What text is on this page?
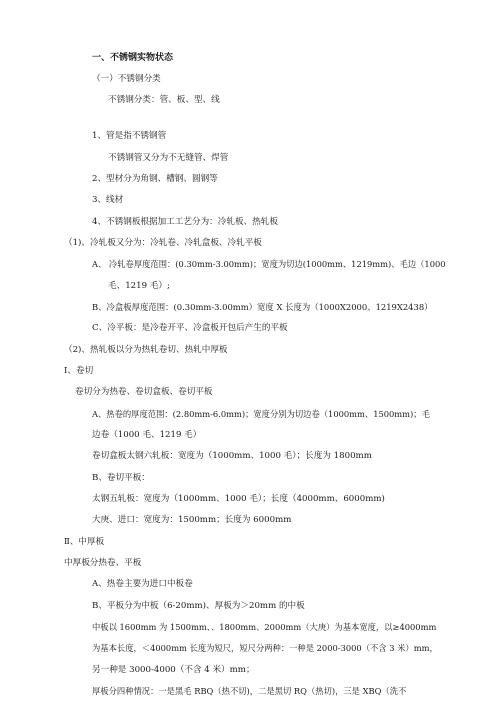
一、不锈钢实物状态
（一）不锈钢分类
不锈钢分类：管、板、型、线
1、管是指不锈钢管
不锈钢管又分为不无缝管、焊管
2、型材分为角钢、槽钢、圆钢等
3、线材
4、不锈钢板根据加工工艺分为：冷轧板、热轧板
（1)、冷轧板又分为：冷轧卷、冷轧盒板、冷轧平板
A、 冷轧卷厚度范围：(0.30mm-3.00mm)；宽度为切边(1000mm、1219mm)、毛边（1000
毛、1219 毛）;
B、冷盒板厚度范围：(0.30mm-3.00mm）宽度 X 长度为（1000X2000、1219X2438）
C、冷平板：是冷卷开平、冷盒板开包后产生的平板
（2)、热轧板以分为热轧卷切、热轧中厚板
Ⅰ、卷切
卷切分为热卷、卷切盒板、卷切平板
A、热卷的厚度范围：(2.80mm-6.0mm)；宽度分别为切边卷（1000mm、1500mm)；毛
边卷（1000 毛、1219 毛）
卷切盒板太钢六轧板：宽度为（1000mm、1000 毛）；长度为 1800mm
B、卷切平板：
太钢五轧板：宽度为（1000mm、1000 毛）；长度（4000mm、6000mm)
大庚、进口：宽度为：1500mm；长度为 6000mm
Ⅱ、中厚板
中厚板分热卷、平板
A、热卷主要为进口中板卷
B、平板分为中板（6-20mm)、厚板为＞20mm 的中板
中板以 1600mm 为 1500mm、、1800mm、2000mm（大庚）为基本宽度，以≥4000mm
为基本长度，＜4000mm 长度为短尺，短尺分两种：一种是 2000-3000（不含 3 米）mm，
另一种是 3000-4000（不含 4 米）mm；
厚板分四种情况：一是黑毛 RBQ（热不切)，二是黑切 RQ（热切)，三是 XBQ（洗不
